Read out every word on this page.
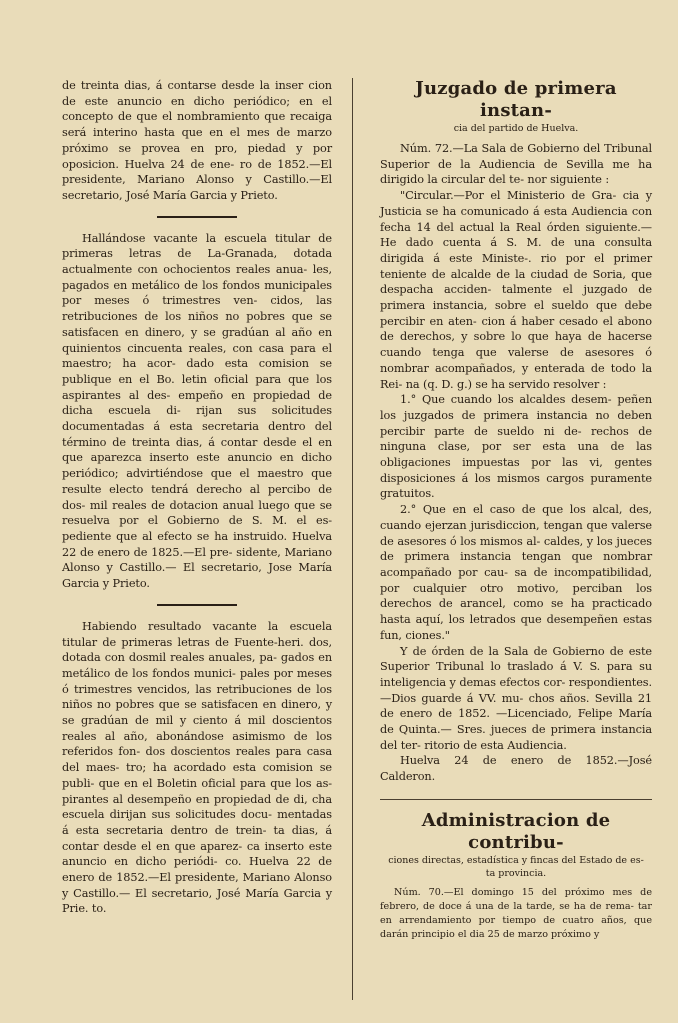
de treinta dias, á contarse desde la inser cion de este anuncio en dicho periódico; en el concepto de que el nombramiento que recaiga será interino hasta que en el mes de marzo próximo se provea en pro, piedad y por oposicion. Huelva 24 de ene- ro de 1852.—El presidente, Mariano Alonso y Castillo.—El secretario, José María Garcia y Prieto.

Hallándose vacante la escuela titular de primeras letras de La-Granada, dotada actualmente con ochocientos reales anua- les, pagados en metálico de los fondos municipales por meses ó trimestres ven- cidos, las retribuciones de los niños no pobres que se satisfacen en dinero, y se gradúan al año en quinientos cincuenta reales, con casa para el maestro; ha acor- dado esta comision se publique en el Bo. letin oficial para que los aspirantes al des- empeño en propiedad de dicha escuela di- rijan sus solicitudes documentadas á esta secretaria dentro del término de treinta dias, á contar desde el en que aparezca inserto este anuncio en dicho periódico; advirtiéndose que el maestro que resulte electo tendrá derecho al percibo de dos- mil reales de dotacion anual luego que se resuelva por el Gobierno de S. M. el es- pediente que al efecto se ha instruido. Huelva 22 de enero de 1825.—El pre- sidente, Mariano Alonso y Castillo.— El secretario, Jose María Garcia y Prieto.

Habiendo resultado vacante la escuela titular de primeras letras de Fuente-heri. dos, dotada con dosmil reales anuales, pa- gados en metálico de los fondos munici- pales por meses ó trimestres vencidos, las retribuciones de los niños no pobres que se satisfacen en dinero, y se gradúan de mil y ciento á mil doscientos reales al año, abonándose asimismo de los referidos fon- dos doscientos reales para casa del maes- tro; ha acordado esta comision se publi- que en el Boletin oficial para que los as- pirantes al desempeño en propiedad de di, cha escuela dirijan sus solicitudes docu- mentadas á esta secretaria dentro de trein- ta dias, á contar desde el en que aparez- ca inserto este anuncio en dicho periódi- co. Huelva 22 de enero de 1852.—El presidente, Mariano Alonso y Castillo.— El secretario, José María Garcia y Prie. to.

Juzgado de primera instan-

cia del partido de Huelva.

Núm. 72.—La Sala de Gobierno del Tribunal Superior de la Audiencia de Sevilla me ha dirigido la circular del te- nor siguiente :

"Circular.—Por el Ministerio de Gra- cia y Justicia se ha comunicado á esta Audiencia con fecha 14 del actual la Real órden siguiente.—He dado cuenta á S. M. de una consulta dirigida á este Ministe-. rio por el primer teniente de alcalde de la ciudad de Soria, que despacha acciden- talmente el juzgado de primera instancia, sobre el sueldo que debe percibir en aten- cion á haber cesado el abono de derechos, y sobre lo que haya de hacerse cuando tenga que valerse de asesores ó nombrar acompañados, y enterada de todo la Rei- na (q. D. g.) se ha servido resolver :

1.° Que cuando los alcaldes desem- peñen los juzgados de primera instancia no deben percibir parte de sueldo ni de- rechos de ninguna clase, por ser esta una de las obligaciones impuestas por las vi, gentes disposiciones á los mismos cargos puramente gratuitos.

2.° Que en el caso de que los alcal, des, cuando ejerzan jurisdiccion, tengan que valerse de asesores ó los mismos al- caldes, y los jueces de primera instancia tengan que nombrar acompañado por cau- sa de incompatibilidad, por cualquier otro motivo, perciban los derechos de arancel, como se ha practicado hasta aquí, los letrados que desempeñen estas fun, ciones."

Y de órden de la Sala de Gobierno de este Superior Tribunal lo traslado á V. S. para su inteligencia y demas efectos cor- respondientes.—Dios guarde á VV. mu- chos años. Sevilla 21 de enero de 1852. —Licenciado, Felipe María de Quinta.— Sres. jueces de primera instancia del ter- ritorio de esta Audiencia.

Huelva 24 de enero de 1852.—José Calderon.

Administracion de contribu-

ciones directas, estadística y fincas del Estado de es-

ta provincia.

Núm. 70.—El domingo 15 del próximo mes de febrero, de doce á una de la tarde, se ha de rema- tar en arrendamiento por tiempo de cuatro años, que darán principio el dia 25 de marzo próximo y
